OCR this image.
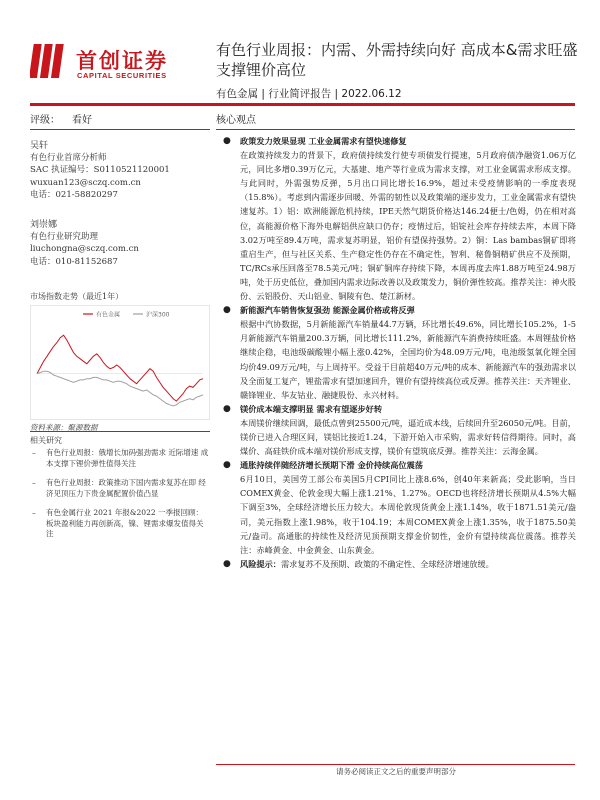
首创证券
CAPITAL SECURITIES
有色行业周报：内需、外需持续向好 高成本&需求旺盛支撑锂价高位
有色金属 | 行业简评报告 | 2022.06.12
评级： 看好
吴轩
有色行业首席分析师
SAC 执证编号：S0110521120001
wuxuan123@sczq.com.cn
电话：021-58820297
刘崇娜
有色行业研究助理
liuchongna@sczq.com.cn
电话：010-81152687
市场指数走势（最近1年）
有色金属	沪深300
资料来源：聚源数据
相关研究
–	有色行业周报：俄增长加码强劲需求 近际增速 成本支撑下锂价弹性值得关注
–	有色行业周报：政策推动下国内需求复苏在即 经济见顶压力下贵金属配置价值凸显
–	有色金属行业 2021 年报&2022 一季报回顾：板块盈利能力再创新高，镍、锂需求爆发值得关注
核心观点
● 政策发力效果显现 工业金属需求有望快速修复

在政策持续发力的背景下，政府债持续发行使专项债发行提速，5月政府债净融资1.06万亿元，同比多增0.39万亿元，大基建、地产等行业成为需求支撑，对工业金属需求形成支撑。与此同时，外需强势反弹，5月出口同比增长16.9%，超过未受疫情影响的一季度表现（15.8%）。考虑到内需逐步回暖、外需的韧性以及政策端的逐步发力，工业金属需求有望快速复苏。1）铝：欧洲能源危机持续，IPE天然气期货价格达146.24便士/色姆，仍在相对高位，高能源价格下海外电解铝供应缺口仍存；疫情过后，铝锭社会库存持续去库，本周下降3.02万吨至89.4万吨，需求复苏明显，铝价有望保持强势。2）铜：Las bambas铜矿即将重启生产，但与社区关系、生产稳定性仍存在不确定性，智利、秘鲁铜精矿供应不及预期，TC/RCs承压回落至78.5美元/吨；铜矿铜库存持续下降，本周再度去库1.88万吨至24.98万吨，处于历史低位，叠加国内需求边际改善以及政策发力，铜价弹性较高。推荐关注：神火股份、云铝股份、天山铝业、铜陵有色、楚江新材。

● 新能源汽车销售恢复强劲 能源金属价格或将反弹

根据中汽协数据，5月新能源汽车销量44.7万辆，环比增长49.6%，同比增长105.2%，1-5月新能源汽车销量200.3万辆，同比增长111.2%，新能源汽车消费持续旺盛。本周锂盐价格继续企稳，电池级碳酸锂小幅上涨0.42%，全国均价为48.09万元/吨，电池级氢氧化锂全国均价49.09万元/吨，与上周持平。受益于目前超40万元/吨的成本、新能源汽车的强劲需求以及全面复工复产，锂盐需求有望加速回升，锂价有望持续高位或反弹。推荐关注：天齐锂业、赣锋锂业、华友钴业、融捷股份、永兴材料。

● 镁价成本端支撑明显 需求有望逐步好转

本周镁价继续回调，最低点曾到25500元/吨，逼近成本线，后续回升至26050元/吨。目前，镁价已进入合理区间，镁铝比接近1.24，下游开始入市采购，需求好转信得期待。同时，高煤价、高硅铁价成本端对镁价形成支撑，镁价有望筑底反弹。推荐关注：云海金属。

● 通胀持续伴随经济增长预期下滑 金价持续高位震荡

6月10日，美国劳工部公布美国5月CPI同比上涨8.6%，创40年来新高；受此影响，当日COMEX黄金、伦敦金现大幅上涨1.21%、1.27%。OECD也将经济增长预期从4.5%大幅下调至3%，全球经济增长压力较大。本周伦敦现货黄金上涨1.14%，收于1871.51美元/盎司，美元指数上涨1.98%，收于104.19；本周COMEX黄金上涨1.35%，收于1875.50美元/盎司。高通胀的持续性及经济见顶预期支撑金价韧性，金价有望持续高位震荡。推荐关注：赤峰黄金、中金黄金、山东黄金。

● 风险提示：需求复苏不及预期、政策的不确定性、全球经济增速放缓。

请务必阅读正文之后的重要声明部分
